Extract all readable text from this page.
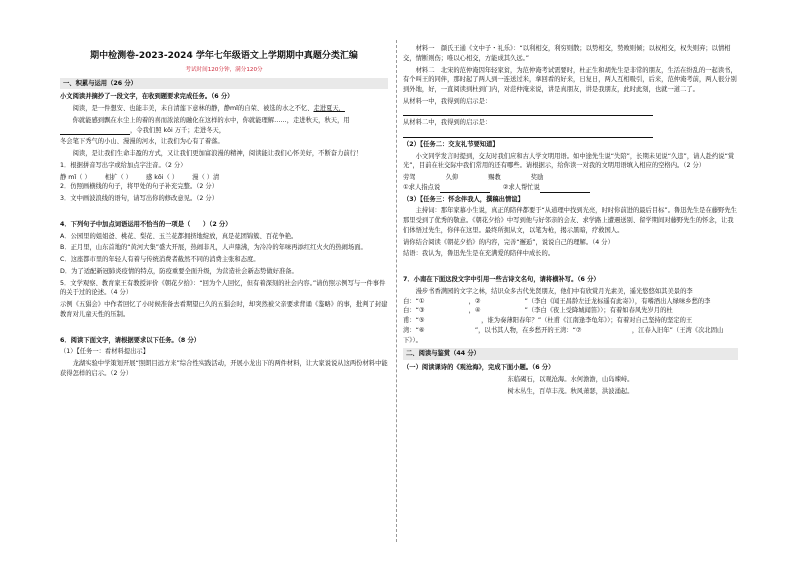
期中检测卷-2023-2024 学年七年级语文上学期期中真题分类汇编
考试时间120分钟，满分120分
一、积累与运用（26 分）

小文阅读并摘抄了一段文字，在收到题要求完成任务。（6 分）

阅读，是一件想安、也能丰美，未自清莲下意林的静，静mǐ的自荣、被选的水之不忆、走进夏天，

你就能感到飘在水尘上的着的喜而浓浓的融化在这样的水中，你就能理解……，走进秋天，秋天，用，令我们照 kōi 万千；走进冬天，

冬会笔下秀气的小山、漫漫的河水，让我们为心有了着落。

阅读，是让我们生命丰盈的方式，又让我们更加富浪漫的精神，阅读能让我们心怀美好，不断奋力前行！

1．根据拼音写出字或给加点字注音。（2 分）

静 mǐ（ ） 相扩（ ） 感 kōi（ ） 漫（ ）清

2．仿照画横线的句子，将甲处的句子补充完整。（2 分）

3．文中画波浪线的语句，请写出你的修改意见。（2 分）

4．下列句子中加点词语运用不恰当的一项是（　　）（2 分）

A．公园里的姐姐爸、桃花、梨花、玉兰花都拥挤地绽放，真是花团锦簇、百花争艳。

B．正月里，山东首地的“黄河大集”盛大开展，热闹非凡，人声鼎沸，为冷冷的年味再添红红火火的热闹场面。

C．这座都市里的年轻人有着与传统消费者截然不同的消费主张和态度。

D．为了适配新冠肺炎疫情的特点，防疫重要全面升级，为营造社会新态势做好准备。

5．文学观察、教育家王有教授评价《朝花夕拾》：“回为个人回忆，但有着深刻的社会内容。”请仿照示例写与一件事件的关于过的论述。（4 分）

示例《五猖会》中作者回忆了小时候准备去看期望已久的五猖会时，却突然被父亲要求背诵《鉴略》的事，批判了封建教育对儿童天性的压制。

6．阅读下面文字，请根据要求以下任务。（8 分）

（1）【任务一：看材料提出示】

龙湖实验中学策划开展“照朗目远方来”综合性实践活动，开展小龙出下的两件材料，让大家说说从这两份材料中能获得怎样的启示。（2 分）

材料一　颜氏王通《文中子・礼乐》：“以利相交，利穷则散；以势相交，势败则倾；以权相交，权失则弃；以情相交，情断则伤；唯以心相交，方能成其久远。”

材料二　北宋的范仲淹因年轻家贫，为范仲淹考试需要时，杜正生和胡先生是非常的朋友，生活在纷乱的一起读书，有个叫王的同伴，那时起了两人到一连送过米，拿回看的好来，日复日，两人互相吸引，后来，范仲淹考前，两人很分别到外地，好，一直阅读到杜到门内，对范仲淹来说，讲是真朋友，讲是我朋友，此时此刻，也就一道二了。

从材料一中，我得到的启示是：

从材料二中，我得到的启示是：

（2）【任务二：交友礼节要知道】

小文同学发言时提到，交友时我们应和古人学文明用语。如中途先生说“失陪”，长期未见说“久违”，请人赴约说“赏光”，目前在社交际中我们常用的还有哪些。请根据示，给你读一对我的文明用语填入相应的空格内。（2 分）

劳驾	久仰	赐教	奖励

①求人指点说　　	②求人帮忙说

（3）【任务三：怀念伴我人，撰稿出情谊】

主持词：那年家慕小生说，真正的陪伴都要于“从道理中找到光亮，时时你前进的最后目标”。鲁迅先生是在藤野先生那里受到了优秀的敬意。《朝花夕拾》中写到他与好邻亲的会友、求学路上遭遇送别、留学期间对藤野先生的怀念，让我们体悟过先生，你伴在这里。最终所拥从文，以笔为枪，揭示黑暗，疗救国人。

请你结合阅读《朝花夕拾》的内容，完善“邂逅”，说说自己的理解。（4 分）

結语：我认为，鲁迅先生是在充满爱的陪伴中成长的。

7．小南在下面这段文字中引用一些古诗文名句，请将横补写。（6 分）

漫步书香满园的文字之林，结识众多古代先贤朋友，他们中有欣赏月光素美，遥光悠悠如其美景的李白：“①　　　　　　　，②　　　　　　　”（李白《闻王昌龄左迁龙标遥有此寄》），有嗜酒出人绿味乡愁的李白：“③　　　　　　　，④　　　　　　　”（李白《夜上受降城闻笛》）；有着如春风先岁月的杜甫：“⑤　　　　　　　　　，谁为奏薄阳春年？”（杜甫《江南逢李龟年》）；有着对自己坚持的坚定的王湾：“⑥　　　　　　　　”，以书其人物，在乡愁开的王湾：“⑦　　　　　　　　，江春入旧年”（王湾《次北固山下》）。

二、阅读与鉴赏（44 分）

（一）阅读课诗的《观沧海》，完成下面小题。（6 分）

东临碣石，以观沧海。水何澹澹，山岛竦峙。

树木丛生，百草丰茂。秋风萧瑟，洪波涌起。
